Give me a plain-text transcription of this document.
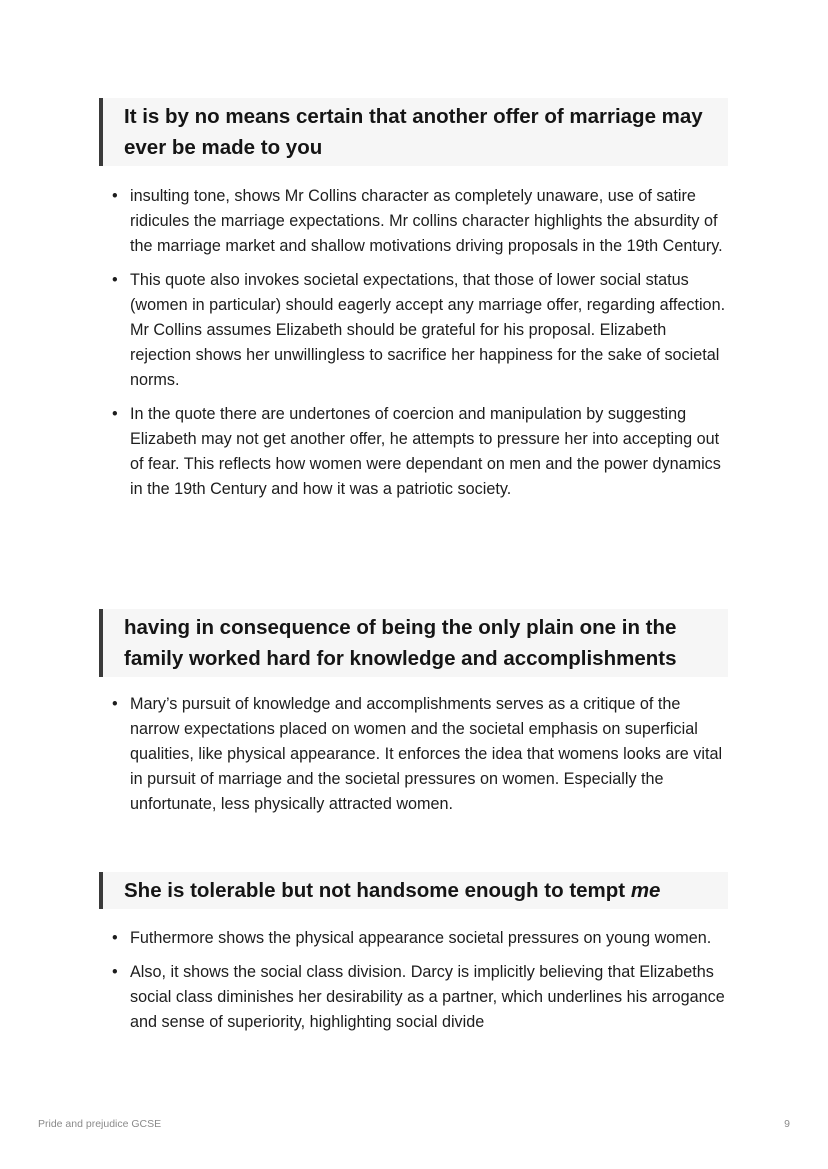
It is by no means certain that another offer of marriage may ever be made to you
• insulting tone, shows Mr Collins character as completely unaware, use of satire ridicules the marriage expectations. Mr collins character highlights the absurdity of the marriage market and shallow motivations driving proposals in the 19th Century.
• This quote also invokes societal expectations, that those of lower social status (women in particular) should eagerly accept any marriage offer, regarding affection. Mr Collins assumes Elizabeth should be grateful for his proposal. Elizabeth rejection shows her unwillingless to sacrifice her happiness for the sake of societal norms.
• In the quote there are undertones of coercion and manipulation by suggesting Elizabeth may not get another offer, he attempts to pressure her into accepting out of fear. This reflects how women were dependant on men and the power dynamics in the 19th Century and how it was a patriotic society.
having in consequence of being the only plain one in the family worked hard for knowledge and accomplishments
• Mary’s pursuit of knowledge and accomplishments serves as a critique of the narrow expectations placed on women and the societal emphasis on superficial qualities, like physical appearance. It enforces the idea that womens looks are vital in pursuit of marriage and the societal pressures on women. Especially the unfortunate, less physically attracted women.
She is tolerable but not handsome enough to tempt me
• Futhermore shows the physical appearance societal pressures on young women.
• Also, it shows the social class division. Darcy is implicitly believing that Elizabeths social class diminishes her desirability as a partner, which underlines his arrogance and sense of superiority, highlighting social divide
Pride and prejudice GCSE	9
